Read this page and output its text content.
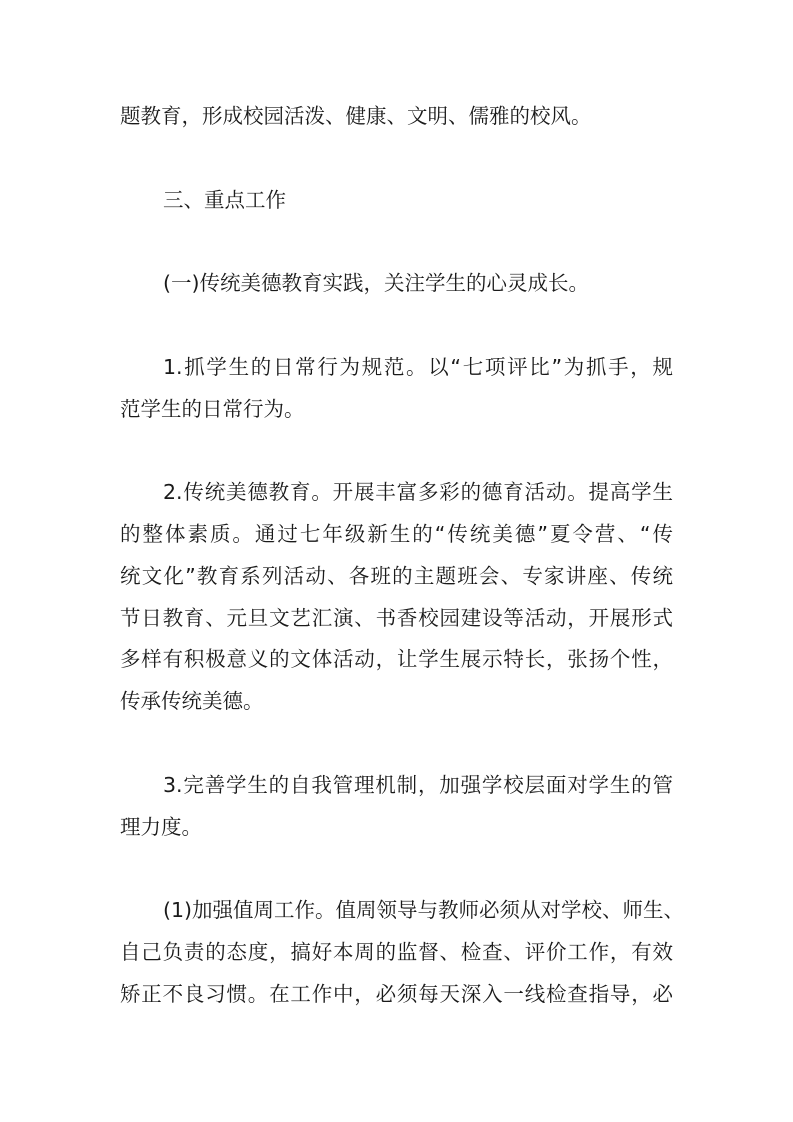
题教育，形成校园活泼、健康、文明、儒雅的校风。
三、重点工作
(一)传统美德教育实践，关注学生的心灵成长。
1.抓学生的日常行为规范。以“七项评比”为抓手，规
范学生的日常行为。
2.传统美德教育。开展丰富多彩的德育活动。提高学生
的整体素质。通过七年级新生的“传统美德”夏令营、“传
统文化”教育系列活动、各班的主题班会、专家讲座、传统
节日教育、元旦文艺汇演、书香校园建设等活动，开展形式
多样有积极意义的文体活动，让学生展示特长，张扬个性，
传承传统美德。
3.完善学生的自我管理机制，加强学校层面对学生的管
理力度。
(1)加强值周工作。值周领导与教师必须从对学校、师生、
自己负责的态度，搞好本周的监督、检查、评价工作，有效
矫正不良习惯。在工作中，必须每天深入一线检查指导，必
